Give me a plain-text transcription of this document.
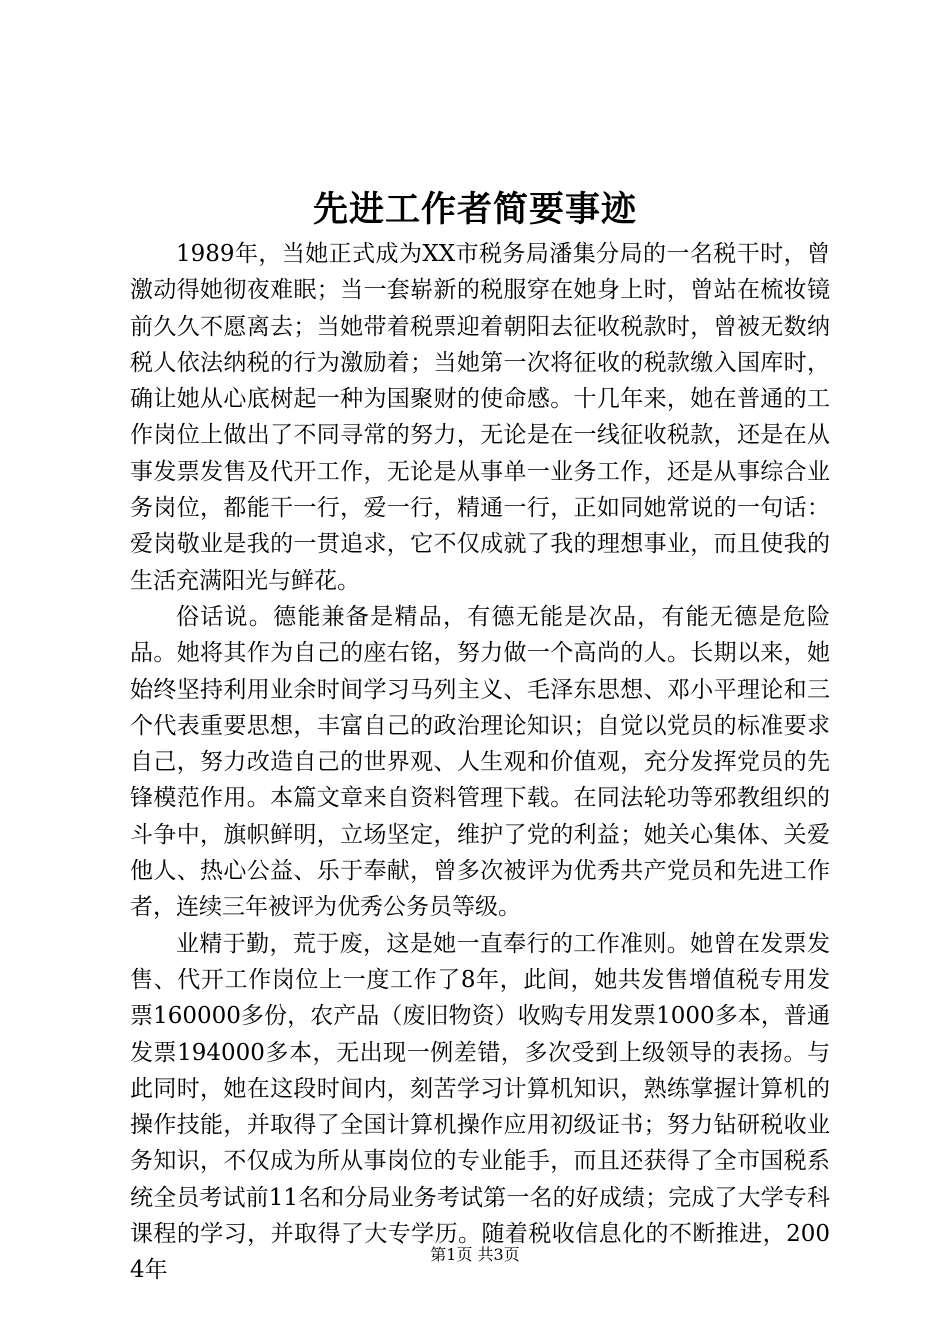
先进工作者简要事迹

1989年，当她正式成为XX市税务局潘集分局的一名税干时，曾激动得她彻夜难眠；当一套崭新的税服穿在她身上时，曾站在梳妆镜前久久不愿离去；当她带着税票迎着朝阳去征收税款时，曾被无数纳税人依法纳税的行为激励着；当她第一次将征收的税款缴入国库时，确让她从心底树起一种为国聚财的使命感。十几年来，她在普通的工作岗位上做出了不同寻常的努力，无论是在一线征收税款，还是在从事发票发售及代开工作，无论是从事单一业务工作，还是从事综合业务岗位，都能干一行，爱一行，精通一行，正如同她常说的一句话：爱岗敬业是我的一贯追求，它不仅成就了我的理想事业，而且使我的生活充满阳光与鲜花。

俗话说。德能兼备是精品，有德无能是次品，有能无德是危险品。她将其作为自己的座右铭，努力做一个高尚的人。长期以来，她始终坚持利用业余时间学习马列主义、毛泽东思想、邓小平理论和三个代表重要思想，丰富自己的政治理论知识；自觉以党员的标准要求自己，努力改造自己的世界观、人生观和价值观，充分发挥党员的先锋模范作用。本篇文章来自资料管理下载。在同法轮功等邪教组织的斗争中，旗帜鲜明，立场坚定，维护了党的利益；她关心集体、关爱他人、热心公益、乐于奉献，曾多次被评为优秀共产党员和先进工作者，连续三年被评为优秀公务员等级。

业精于勤，荒于废，这是她一直奉行的工作准则。她曾在发票发售、代开工作岗位上一度工作了8年，此间，她共发售增值税专用发票160000多份，农产品（废旧物资）收购专用发票1000多本，普通发票194000多本，无出现一例差错，多次受到上级领导的表扬。与此同时，她在这段时间内，刻苦学习计算机知识，熟练掌握计算机的操作技能，并取得了全国计算机操作应用初级证书；努力钻研税收业务知识，不仅成为所从事岗位的专业能手，而且还获得了全市国税系统全员考试前11名和分局业务考试第一名的好成绩；完成了大学专科课程的学习，并取得了大专学历。随着税收信息化的不断推进，2004年

第1页 共3页
